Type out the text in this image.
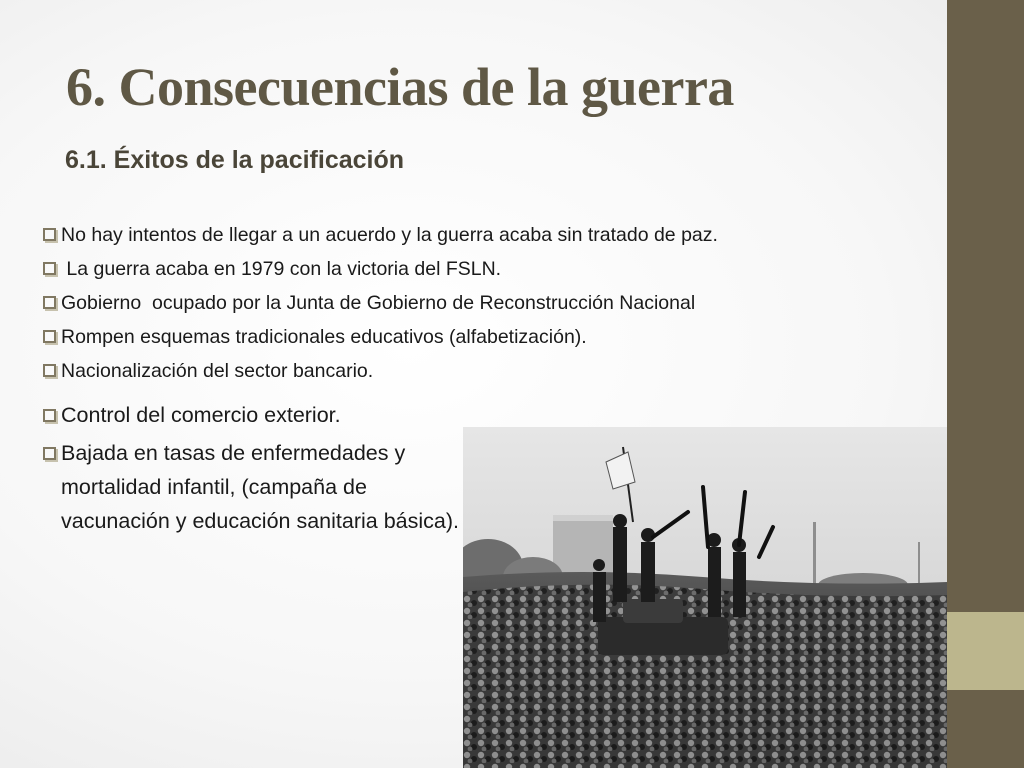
6. Consecuencias de la guerra
6.1. Éxitos de la pacificación
No hay intentos de llegar a un acuerdo y la guerra acaba sin tratado de paz.
La guerra acaba en 1979 con la victoria del FSLN.
Gobierno  ocupado por la Junta de Gobierno de Reconstrucción Nacional
Rompen esquemas tradicionales educativos (alfabetización).
Nacionalización del sector bancario.
Control del comercio exterior.
Bajada en tasas de enfermedades y mortalidad infantil, (campaña de vacunación y educación sanitaria básica).
